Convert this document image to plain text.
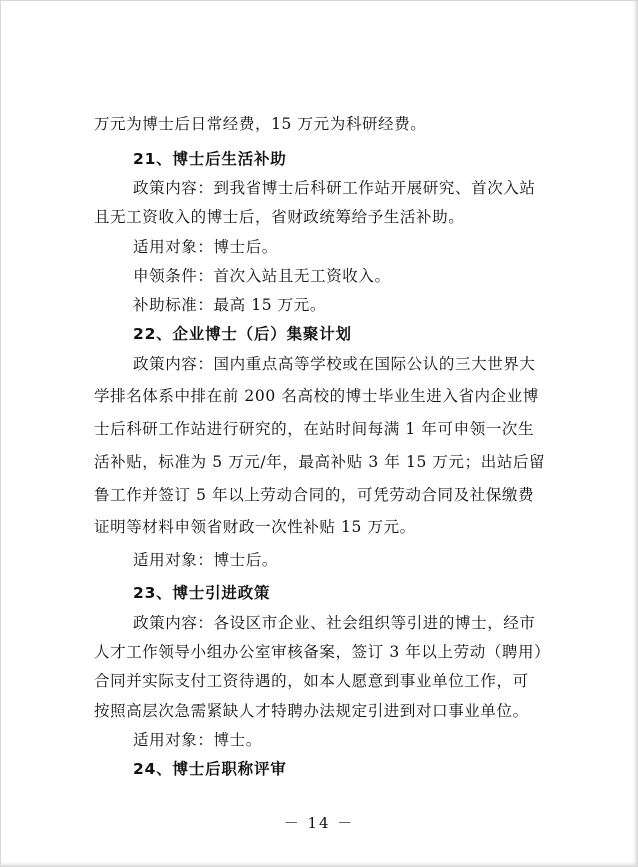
万元为博士后日常经费，15 万元为科研经费。
21、博士后生活补助
政策内容：到我省博士后科研工作站开展研究、首次入站
且无工资收入的博士后，省财政统筹给予生活补助。
适用对象：博士后。
申领条件：首次入站且无工资收入。
补助标准：最高 15 万元。
22、企业博士（后）集聚计划
政策内容：国内重点高等学校或在国际公认的三大世界大
学排名体系中排在前 200 名高校的博士毕业生进入省内企业博
士后科研工作站进行研究的，在站时间每满 1 年可申领一次生
活补贴，标准为 5 万元/年，最高补贴 3 年 15 万元；出站后留
鲁工作并签订 5 年以上劳动合同的，可凭劳动合同及社保缴费
证明等材料申领省财政一次性补贴 15 万元。
适用对象：博士后。
23、博士引进政策
政策内容：各设区市企业、社会组织等引进的博士，经市
人才工作领导小组办公室审核备案，签订 3 年以上劳动（聘用）
合同并实际支付工资待遇的，如本人愿意到事业单位工作，可
按照高层次急需紧缺人才特聘办法规定引进到对口事业单位。
适用对象：博士。
24、博士后职称评审
－ 14 －
